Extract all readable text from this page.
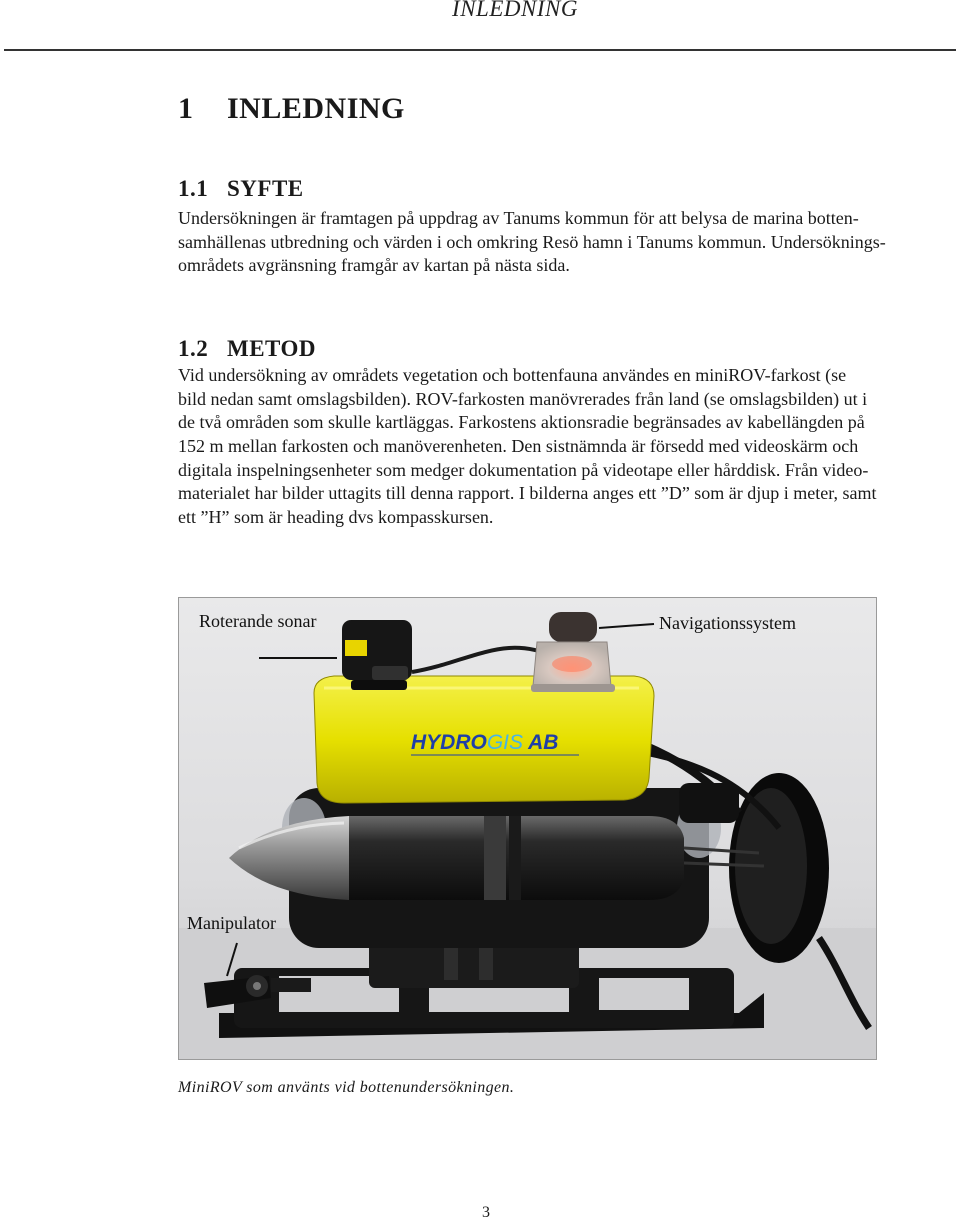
INLEDNING
1 INLEDNING
1.1 SYFTE
Undersökningen är framtagen på uppdrag av Tanums kommun för att belysa de marina botten-
samhällenas utbredning och värden i och omkring Resö hamn i Tanums kommun. Undersöknings-
områdets avgränsning framgår av kartan på nästa sida.
1.2 METOD
Vid undersökning av områdets vegetation och bottenfauna användes en miniROV-farkost (se
bild nedan samt omslagsbilden). ROV-farkosten manövrerades från land (se omslagsbilden) ut i
de två områden som skulle kartläggas. Farkostens aktionsradie begränsades av kabellängden på
152 m mellan farkosten och manöverenheten. Den sistnämnda är försedd med videoskärm och
digitala inspelningsenheter som medger dokumentation på videotape eller hårddisk. Från video-
materialet har bilder uttagits till denna rapport. I bilderna anges ett ”D” som är djup i meter, samt
ett ”H” som är heading dvs kompasskursen.
HYDROGIS AB
Roterande sonar	Navigationssystem
Manipulator
MiniROV som använts vid bottenundersökningen.
3
